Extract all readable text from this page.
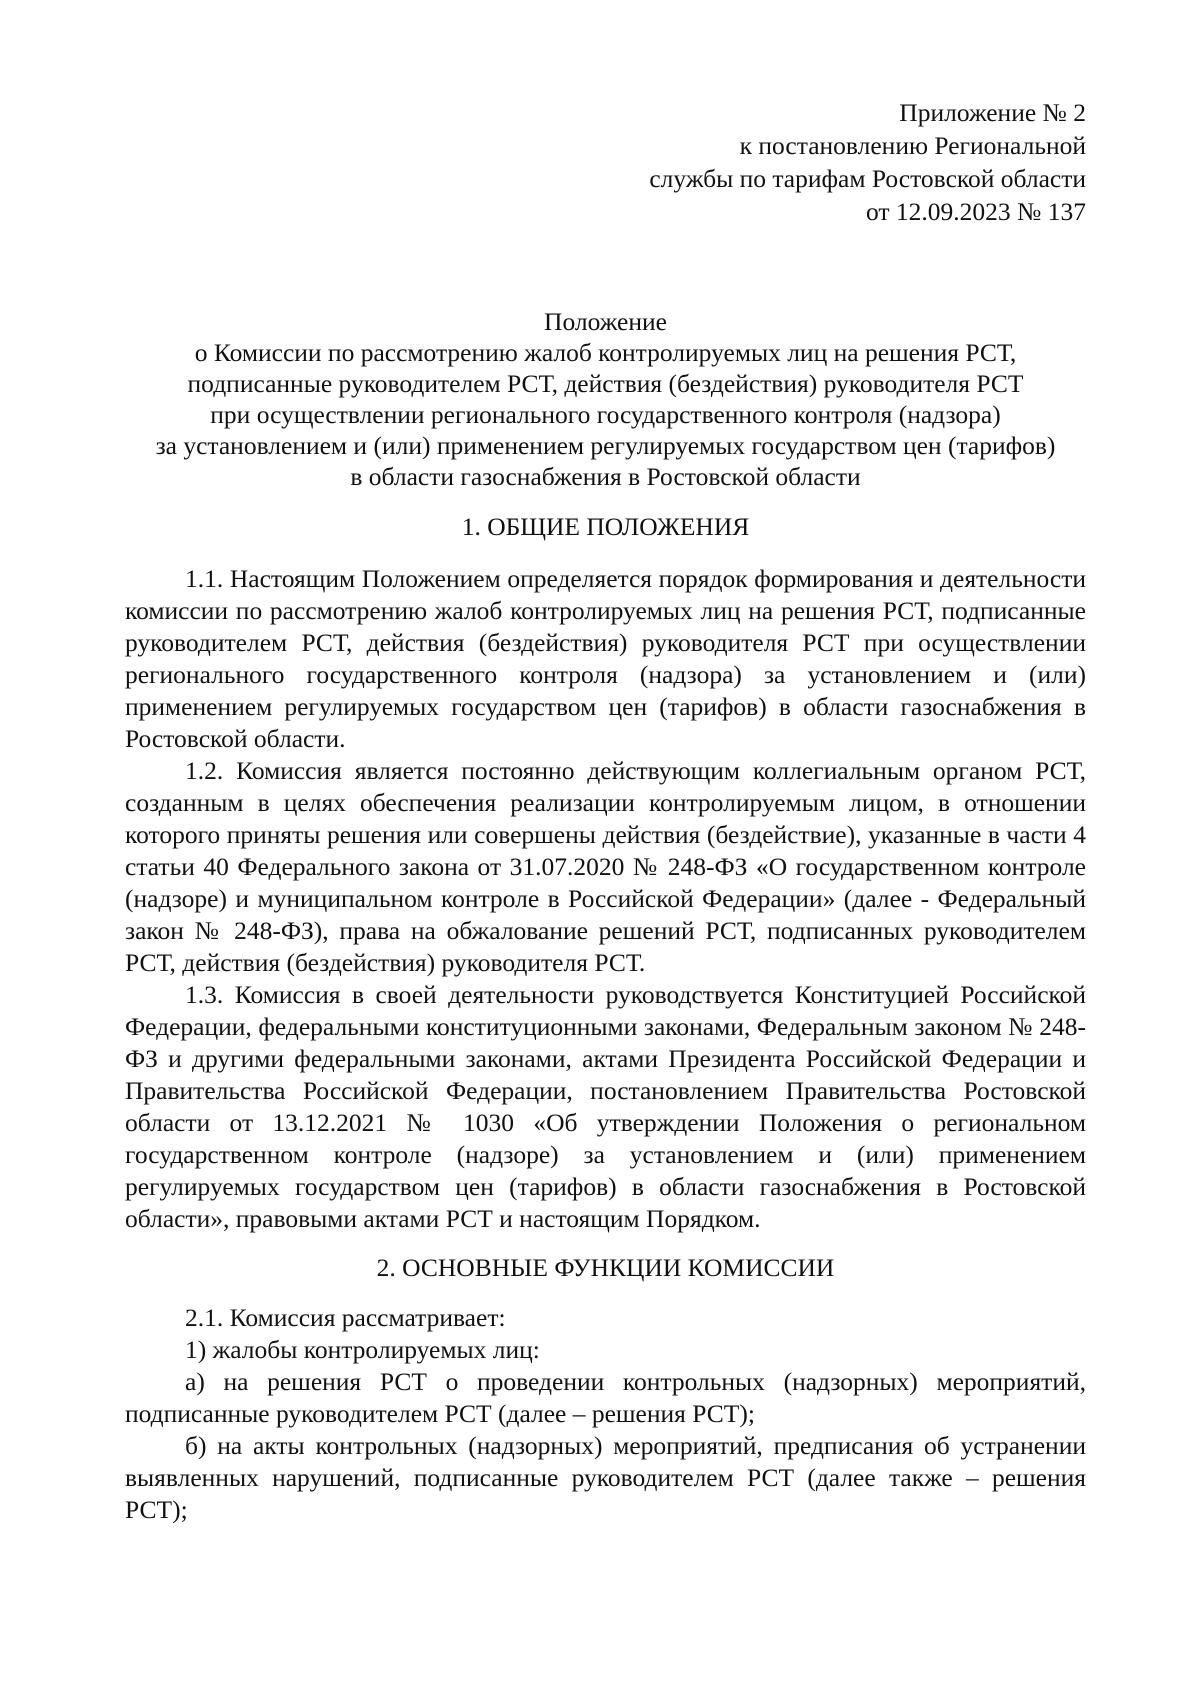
Приложение № 2
к постановлению Региональной
службы по тарифам Ростовской области
от 12.09.2023 № 137
Положение
о Комиссии по рассмотрению жалоб контролируемых лиц на решения РСТ,
подписанные руководителем РСТ, действия (бездействия) руководителя РСТ
при осуществлении регионального государственного контроля (надзора)
за установлением и (или) применением регулируемых государством цен (тарифов)
в области газоснабжения в Ростовской области
1. ОБЩИЕ ПОЛОЖЕНИЯ

1.1. Настоящим Положением определяется порядок формирования и деятельности комиссии по рассмотрению жалоб контролируемых лиц на решения РСТ, подписанные руководителем РСТ, действия (бездействия) руководителя РСТ при осуществлении регионального государственного контроля (надзора) за установлением и (или) применением регулируемых государством цен (тарифов) в области газоснабжения в Ростовской области.

1.2. Комиссия является постоянно действующим коллегиальным органом РСТ, созданным в целях обеспечения реализации контролируемым лицом, в отношении которого приняты решения или совершены действия (бездействие), указанные в части 4 статьи 40 Федерального закона от 31.07.2020 № 248-ФЗ «О государственном контроле (надзоре) и муниципальном контроле в Российской Федерации» (далее - Федеральный закон № 248-ФЗ), права на обжалование решений РСТ, подписанных руководителем РСТ, действия (бездействия) руководителя РСТ.

1.3. Комиссия в своей деятельности руководствуется Конституцией Российской Федерации, федеральными конституционными законами, Федеральным законом № 248-ФЗ и другими федеральными законами, актами Президента Российской Федерации и Правительства Российской Федерации, постановлением Правительства Ростовской области от 13.12.2021 № 1030 «Об утверждении Положения о региональном государственном контроле (надзоре) за установлением и (или) применением регулируемых государством цен (тарифов) в области газоснабжения в Ростовской области», правовыми актами РСТ и настоящим Порядком.

2. ОСНОВНЫЕ ФУНКЦИИ КОМИССИИ

2.1. Комиссия рассматривает:

1) жалобы контролируемых лиц:

а) на решения РСТ о проведении контрольных (надзорных) мероприятий, подписанные руководителем РСТ (далее – решения РСТ);

б) на акты контрольных (надзорных) мероприятий, предписания об устранении выявленных нарушений, подписанные руководителем РСТ (далее также – решения РСТ);
